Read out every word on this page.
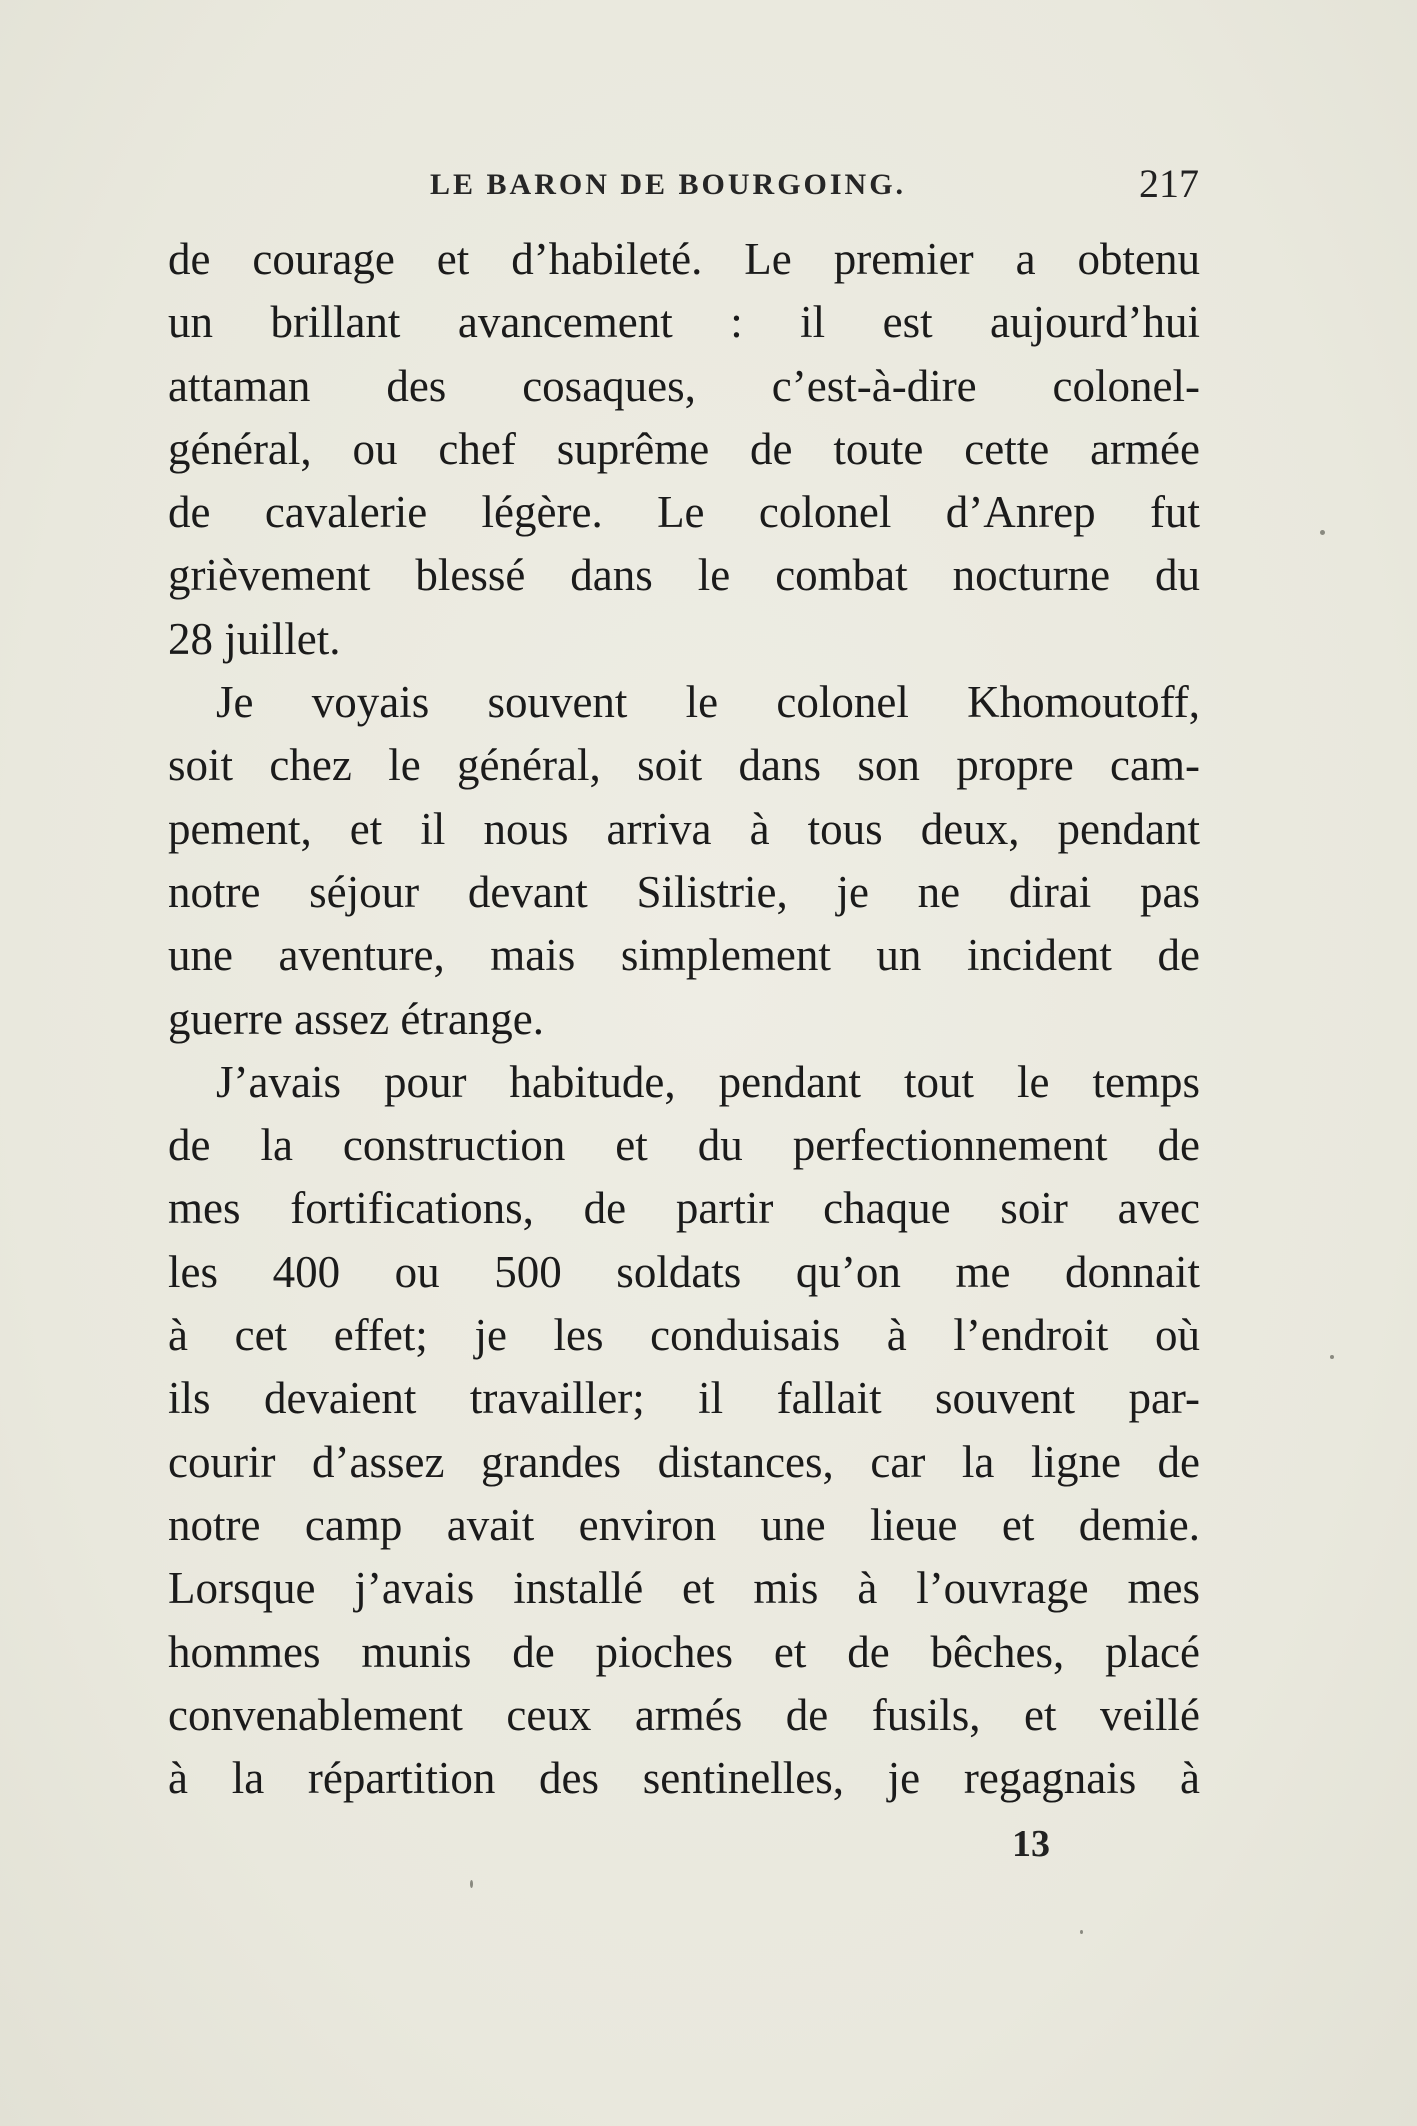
LE BARON DE BOURGOING.	217
de courage et d’habileté. Le premier a obtenu
un brillant avancement : il est aujourd’hui
attaman des cosaques, c’est-à-dire colonel-
général, ou chef suprême de toute cette armée
de cavalerie légère. Le colonel d’Anrep fut
grièvement blessé dans le combat nocturne du
28 juillet.
Je voyais souvent le colonel Khomoutoff,
soit chez le général, soit dans son propre cam-
pement, et il nous arriva à tous deux, pendant
notre séjour devant Silistrie, je ne dirai pas
une aventure, mais simplement un incident de
guerre assez étrange.
J’avais pour habitude, pendant tout le temps
de la construction et du perfectionnement de
mes fortifications, de partir chaque soir avec
les 400 ou 500 soldats qu’on me donnait
à cet effet; je les conduisais à l’endroit où
ils devaient travailler; il fallait souvent par-
courir d’assez grandes distances, car la ligne de
notre camp avait environ une lieue et demie.
Lorsque j’avais installé et mis à l’ouvrage mes
hommes munis de pioches et de bêches, placé
convenablement ceux armés de fusils, et veillé
à la répartition des sentinelles, je regagnais à
13
